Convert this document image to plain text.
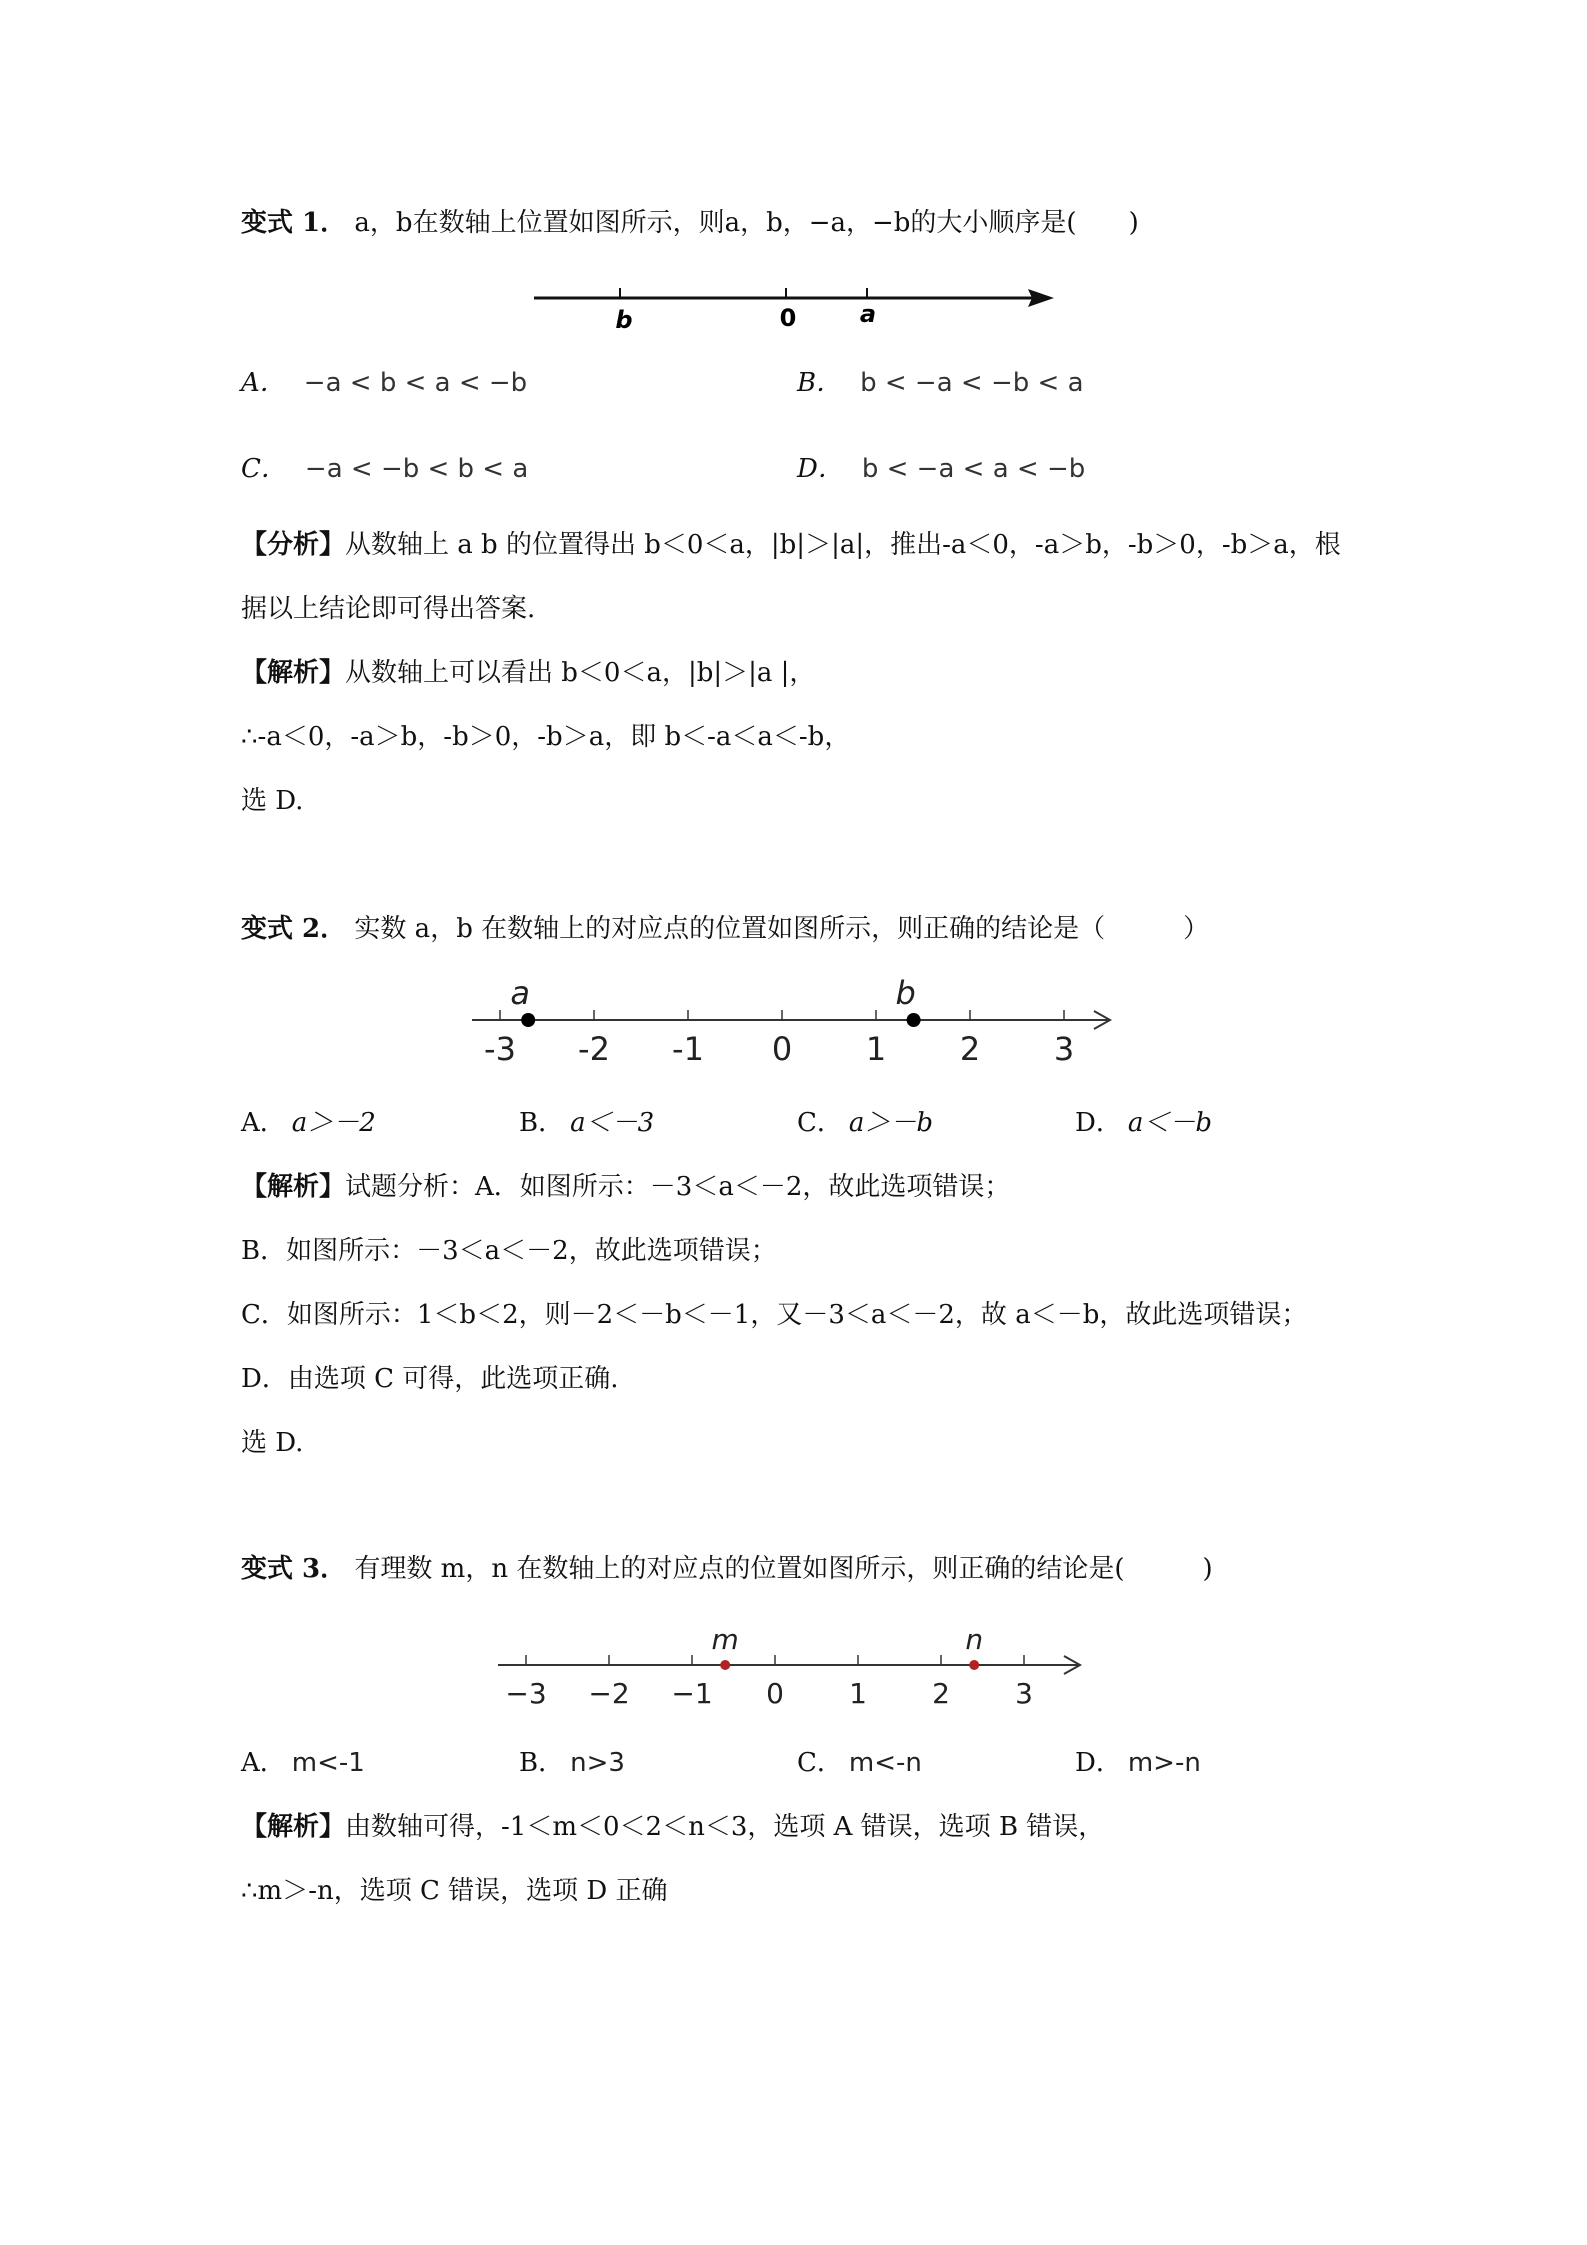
变式 1． a，b在数轴上位置如图所示，则a，b，−a，−b的大小顺序是(　　)
b	0	a
A． −a < b < a < −b	B． b < −a < −b < a
C． −a < −b < b < a	D． b < −a < a < −b
【分析】从数轴上 a b 的位置得出 b＜0＜a，|b|＞|a|，推出-a＜0，-a＞b，-b＞0，-b＞a，根
据以上结论即可得出答案.
【解析】从数轴上可以看出 b＜0＜a，|b|＞|a |，
∴-a＜0，-a＞b，-b＞0，-b＞a，即 b＜-a＜a＜-b，
选 D.
变式 2． 实数 a，b 在数轴上的对应点的位置如图所示，则正确的结论是（　　　）
-3 -2 -1 0 1 2 3
a	b
A． a＞－2	B． a＜－3	C． a＞－b	D． a＜－b
【解析】试题分析：A．如图所示：－3＜a＜－2，故此选项错误；
B．如图所示：－3＜a＜－2，故此选项错误；
C．如图所示：1＜b＜2，则－2＜－b＜－1，又－3＜a＜－2，故 a＜－b，故此选项错误；
D．由选项 C 可得，此选项正确.
选 D.
变式 3． 有理数 m，n 在数轴上的对应点的位置如图所示，则正确的结论是(　　　)
−3 −2 −1 0 1 2 3
m	n
A． m<-1	B． n>3	C． m<-n	D． m>-n
【解析】由数轴可得，-1＜m＜0＜2＜n＜3，选项 A 错误，选项 B 错误，
∴m＞-n，选项 C 错误，选项 D 正确
